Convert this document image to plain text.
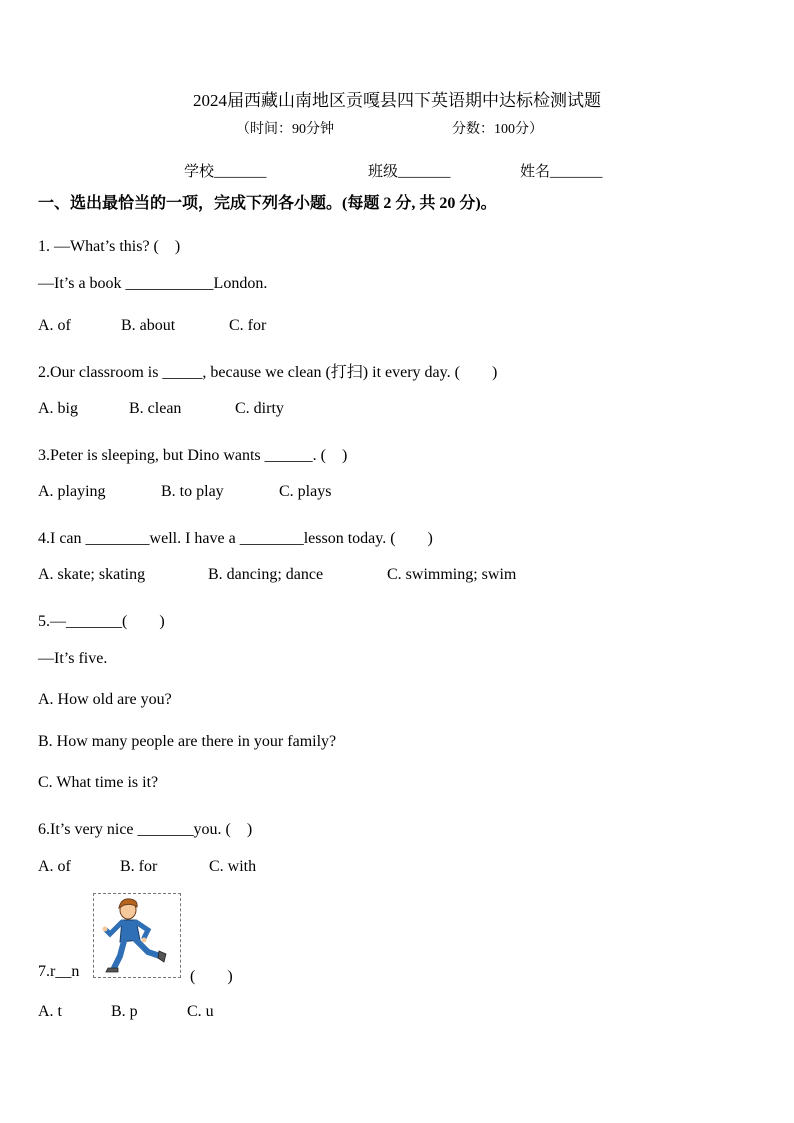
2024届西藏山南地区贡嘎县四下英语期中达标检测试题
（时间：90分钟	分数：100分）
学校_______	班级_______	姓名_______
一、选出最恰当的一项，完成下列各小题。(每题 2 分, 共 20 分)。
1. —What’s this? (　)
—It’s a book ___________London.
A. of	B. about	C. for
2.Our classroom is _____, because we clean (打扫) it every day. (　　)
A. big	B. clean	C. dirty
3.Peter is sleeping, but Dino wants ______. (　)
A. playing	B. to play	C. plays
4.I can ________well. I have a ________lesson today. (　　)
A. skate; skating	B. dancing; dance	C. swimming; swim
5.—_______(　　)
—It’s five.
A. How old are you?
B. How many people are there in your family?
C. What time is it?
6.It’s very nice _______you. (　)
A. of	B. for	C. with
7.r__n	(　　)
A. t	B. p	C. u
